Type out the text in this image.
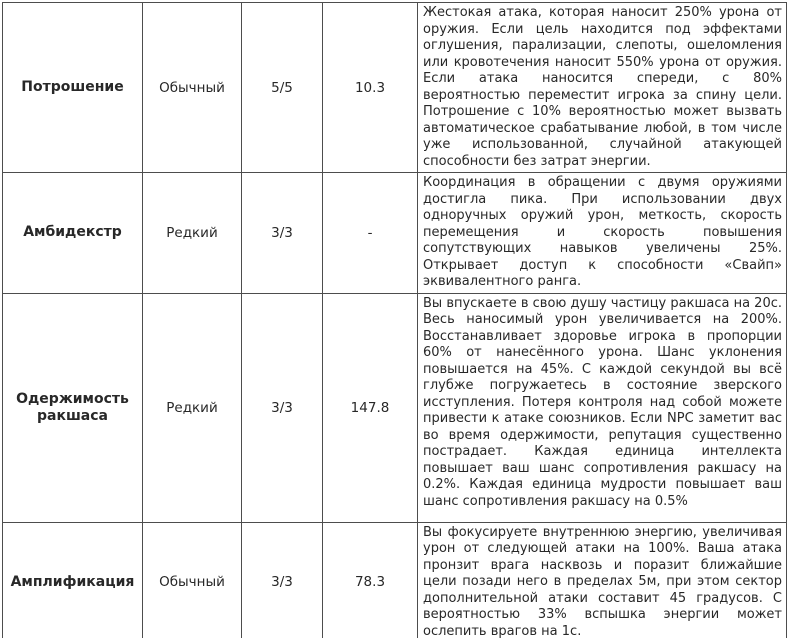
Потрошение	Обычный	5/5	10.3	Жестокая атака, которая наносит 250% урона от оружия. Если цель находится под эффектами оглушения, парализации, слепоты, ошеломления или кровотечения наносит 550% урона от оружия. Если атака наносится спереди, с 80% вероятностью переместит игрока за спину цели. Потрошение с 10% вероятностью может вызвать автоматическое срабатывание любой, в том числе уже использованной, случайной атакующей способности без затрат энергии.
Амбидекстр	Редкий	3/3	-	Координация в обращении с двумя оружиями достигла пика. При использовании двух одноручных оружий урон, меткость, скорость перемещения и скорость повышения сопутствующих навыков увеличены 25%. Открывает доступ к способности «Свайп» эквивалентного ранга.
Одержимость ракшаса	Редкий	3/3	147.8	Вы впускаете в свою душу частицу ракшаса на 20с. Весь наносимый урон увеличивается на 200%. Восстанавливает здоровье игрока в пропорции 60% от нанесённого урона. Шанс уклонения повышается на 45%. С каждой секундой вы всё глубже погружаетесь в состояние зверского исступления. Потеря контроля над собой можете привести к атаке союзников. Если NPC заметит вас во время одержимости, репутация существенно пострадает. Каждая единица интеллекта повышает ваш шанс сопротивления ракшасу на 0.2%. Каждая единица мудрости повышает ваш шанс сопротивления ракшасу на 0.5%
Амплификация	Обычный	3/3	78.3	Вы фокусируете внутреннюю энергию, увеличивая урон от следующей атаки на 100%. Ваша атака пронзит врага насквозь и поразит ближайшие цели позади него в пределах 5м, при этом сектор дополнительной атаки составит 45 градусов. С вероятностью 33% вспышка энергии может ослепить врагов на 1с.
